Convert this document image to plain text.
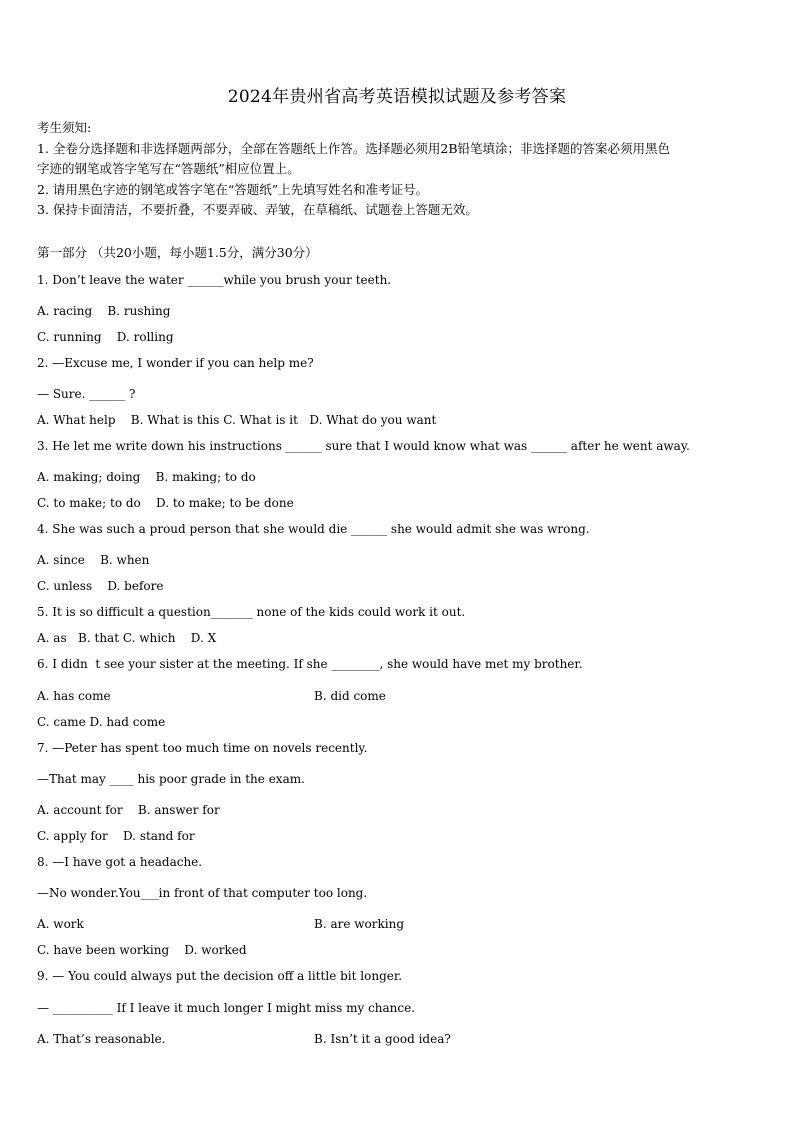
2024年贵州省高考英语模拟试题及参考答案

考生须知:

1. 全卷分选择题和非选择题两部分，全部在答题纸上作答。选择题必须用2B铅笔填涂；非选择题的答案必须用黑色

字迹的钢笔或答字笔写在“答题纸”相应位置上。

2. 请用黑色字迹的钢笔或答字笔在“答题纸”上先填写姓名和准考证号。

3. 保持卡面清洁，不要折叠，不要弄破、弄皱，在草稿纸、试题卷上答题无效。

第一部分 （共20小题，每小题1.5分，满分30分）
1. Don’t leave the water ______while you brush your teeth.
A. racing    B. rushing
C. running    D. rolling
2. —Excuse me, I wonder if you can help me?
— Sure. ______ ?
A. What help    B. What is this C. What is it   D. What do you want
3. He let me write down his instructions ______ sure that I would know what was ______ after he went away.
A. making; doing    B. making; to do
C. to make; to do    D. to make; to be done
4. She was such a proud person that she would die ______ she would admit she was wrong.
A. since    B. when
C. unless    D. before
5. It is so difficult a question_______ none of the kids could work it out.
A. as   B. that C. which    D. X
6. I didn  t see your sister at the meeting. If she ________, she would have met my brother.
A. has come	B. did come
C. came D. had come
7. —Peter has spent too much time on novels recently.
—That may ____ his poor grade in the exam.
A. account for    B. answer for
C. apply for    D. stand for
8. —I have got a headache.
—No wonder.You___in front of that computer too long.
A. work	B. are working
C. have been working    D. worked
9. — You could always put the decision off a little bit longer.
— __________ If I leave it much longer I might miss my chance.
A. That’s reasonable.	B. Isn’t it a good idea?
